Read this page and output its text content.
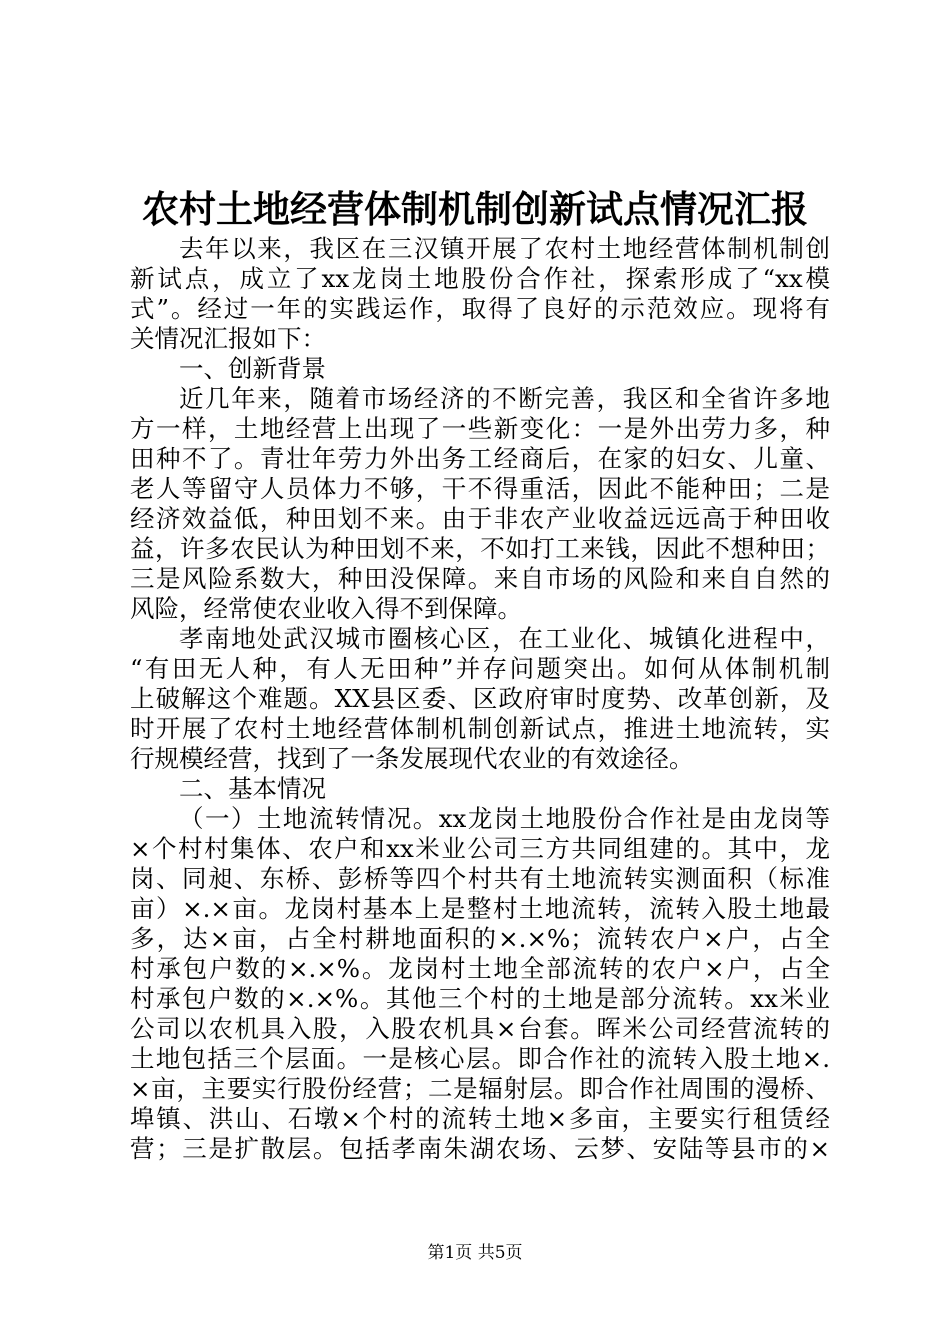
农村土地经营体制机制创新试点情况汇报
去年以来，我区在三汉镇开展了农村土地经营体制机制创
新试点，成立了xx龙岗土地股份合作社，探索形成了“xx模
式”。经过一年的实践运作，取得了良好的示范效应。现将有
关情况汇报如下：
一、创新背景
近几年来，随着市场经济的不断完善，我区和全省许多地
方一样，土地经营上出现了一些新变化：一是外出劳力多，种
田种不了。青壮年劳力外出务工经商后，在家的妇女、儿童、
老人等留守人员体力不够，干不得重活，因此不能种田；二是
经济效益低，种田划不来。由于非农产业收益远远高于种田收
益，许多农民认为种田划不来，不如打工来钱，因此不想种田；
三是风险系数大，种田没保障。来自市场的风险和来自自然的
风险，经常使农业收入得不到保障。
孝南地处武汉城市圈核心区，在工业化、城镇化进程中，
“有田无人种，有人无田种”并存问题突出。如何从体制机制
上破解这个难题。XX县区委、区政府审时度势、改革创新，及
时开展了农村土地经营体制机制创新试点，推进土地流转，实
行规模经营，找到了一条发展现代农业的有效途径。
二、基本情况
（一）土地流转情况。xx龙岗土地股份合作社是由龙岗等
×个村村集体、农户和xx米业公司三方共同组建的。其中，龙
岗、同昶、东桥、彭桥等四个村共有土地流转实测面积（标准
亩）×.×亩。龙岗村基本上是整村土地流转，流转入股土地最
多，达×亩，占全村耕地面积的×.×%；流转农户×户，占全
村承包户数的×.×%。龙岗村土地全部流转的农户×户，占全
村承包户数的×.×%。其他三个村的土地是部分流转。xx米业
公司以农机具入股，入股农机具×台套。晖米公司经营流转的
土地包括三个层面。一是核心层。即合作社的流转入股土地×.
×亩，主要实行股份经营；二是辐射层。即合作社周围的漫桥、
埠镇、洪山、石墩×个村的流转土地×多亩，主要实行租赁经
营；三是扩散层。包括孝南朱湖农场、云梦、安陆等县市的×
第1页 共5页
